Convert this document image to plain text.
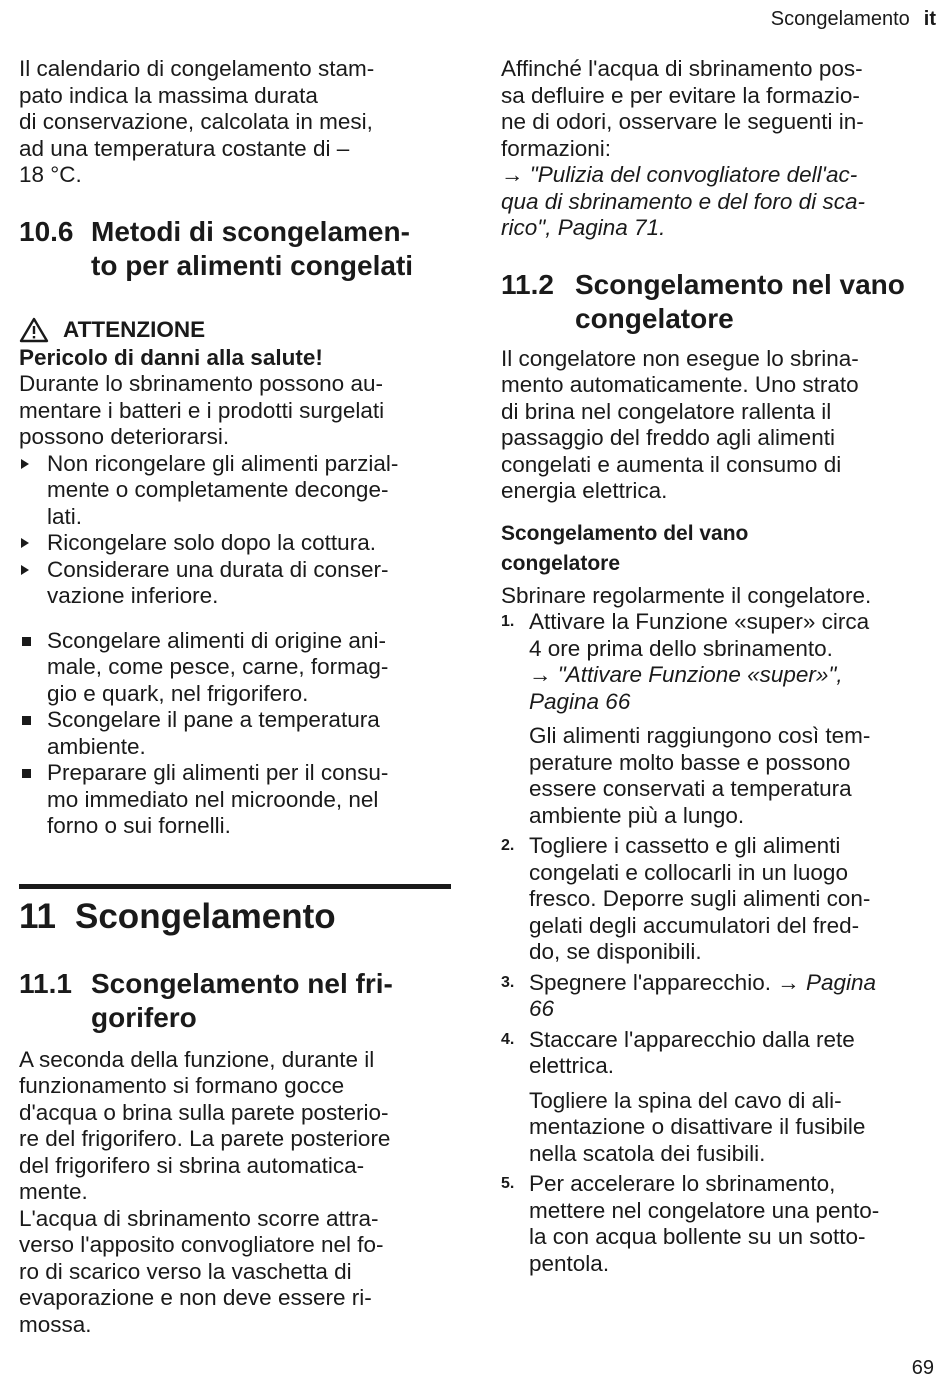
Scongelamento it

Il calendario di congelamento stam-
pato indica la massima durata
di conservazione, calcolata in mesi,
ad una temperatura costante di –
18 °C.

10.6 Metodi di scongelamen-
to per alimenti congelati
ATTENZIONE

Pericolo di danni alla salute!

Durante lo sbrinamento possono au-
mentare i batteri e i prodotti surgelati
possono deteriorarsi.

Non ricongelare gli alimenti parzial-
mente o completamente deconge-
lati.
Ricongelare solo dopo la cottura.
Considerare una durata di conser-
vazione inferiore.
Scongelare alimenti di origine ani-
male, come pesce, carne, formag-
gio e quark, nel frigorifero.
Scongelare il pane a temperatura
ambiente.
Preparare gli alimenti per il consu-
mo immediato nel microonde, nel
forno o sui fornelli.
11 Scongelamento
11.1 Scongelamento nel fri-
gorifero

A seconda della funzione, durante il
funzionamento si formano gocce
d'acqua o brina sulla parete posterio-
re del frigorifero. La parete posteriore
del frigorifero si sbrina automatica-
mente.
L'acqua di sbrinamento scorre attra-
verso l'apposito convogliatore nel fo-
ro di scarico verso la vaschetta di
evaporazione e non deve essere ri-
mossa.

Affinché l'acqua di sbrinamento pos-
sa defluire e per evitare la formazio-
ne di odori, osservare le seguenti in-
formazioni:

→ "Pulizia del convogliatore dell'ac-
qua di sbrinamento e del foro di sca-
rico", Pagina 71.

11.2 Scongelamento nel vano
congelatore

Il congelatore non esegue lo sbrina-
mento automaticamente. Uno strato
di brina nel congelatore rallenta il
passaggio del freddo agli alimenti
congelati e aumenta il consumo di
energia elettrica.

Scongelamento del vano
congelatore

Sbrinare regolarmente il congelatore.

1. Attivare la Funzione «super» circa
4 ore prima dello sbrinamento.
→ "Attivare Funzione «super»",
Pagina 66
Gli alimenti raggiungono così tem-
perature molto basse e possono
essere conservati a temperatura
ambiente più a lungo.
2. Togliere i cassetto e gli alimenti
congelati e collocarli in un luogo
fresco. Deporre sugli alimenti con-
gelati degli accumulatori del fred-
do, se disponibili.
3. Spegnere l'apparecchio. → Pagina
66
4. Staccare l'apparecchio dalla rete
elettrica.
Togliere la spina del cavo di ali-
mentazione o disattivare il fusibile
nella scatola dei fusibili.
5. Per accelerare lo sbrinamento,
mettere nel congelatore una pento-
la con acqua bollente su un sotto-
pentola.
69
